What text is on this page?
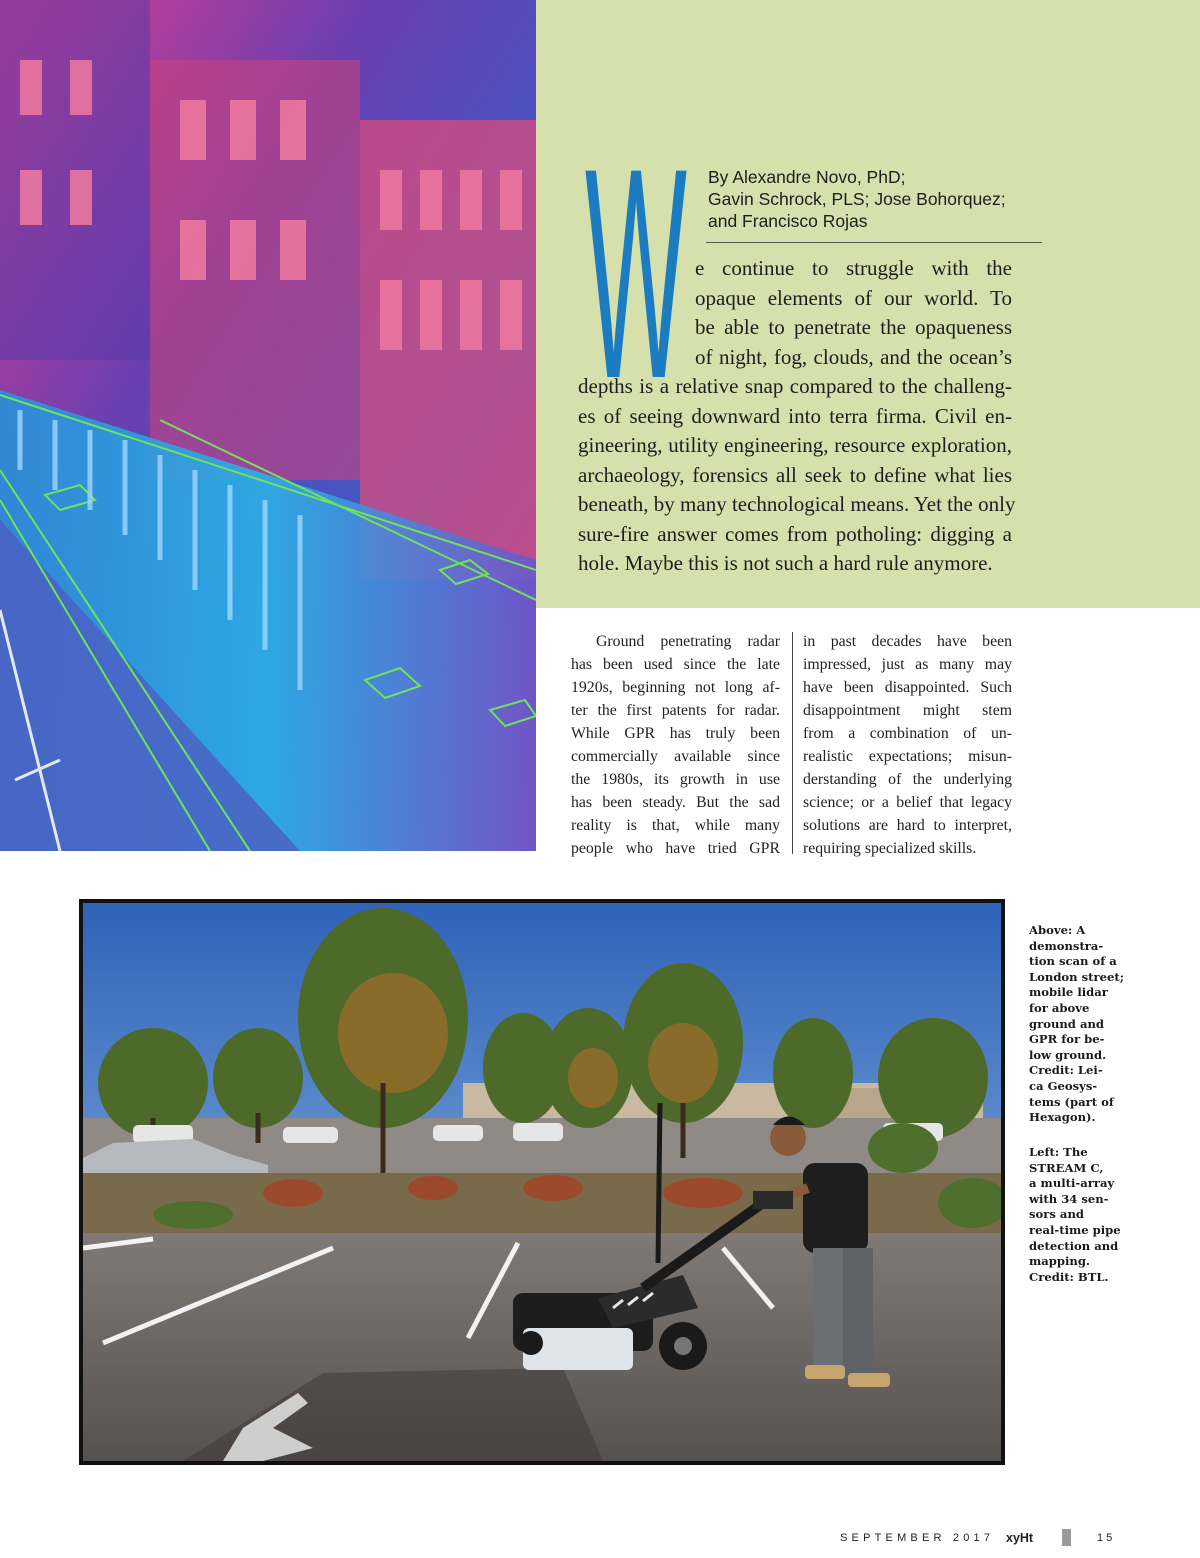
W By Alexandre Novo, PhD;
Gavin Schrock, PLS; Jose Bohorquez;
and Francisco Rojas
e continue to struggle with the
opaque elements of our world. To
be able to penetrate the opaqueness
of night, fog, clouds, and the ocean’s
depths is a relative snap compared to the challeng-
es of seeing downward into terra firma. Civil en-
gineering, utility engineering, resource exploration,
archaeology, forensics all seek to define what lies
beneath, by many technological means. Yet the only
sure-fire answer comes from potholing: digging a
hole. Maybe this is not such a hard rule anymore.
Ground penetrating radar
has been used since the late
1920s, beginning not long af-
ter the first patents for radar.
While GPR has truly been
commercially available since
the 1980s, its growth in use
has been steady. But the sad
reality is that, while many
people who have tried GPR
in past decades have been
impressed, just as many may
have been disappointed. Such
disappointment might stem
from a combination of un-
realistic expectations; misun-
derstanding of the underlying
science; or a belief that legacy
solutions are hard to interpret,
requiring specialized skills.
Above: A
demonstra-
tion scan of a
London street;
mobile lidar
for above
ground and
GPR for be-
low ground.
Credit: Lei-
ca Geosys-
tems (part of
Hexagon).
Left: The
STREAM C,
a multi-array
with 34 sen-
sors and
real-time pipe
detection and
mapping.
Credit: BTL.
SEPTEMBER 2017 xyHt	15
